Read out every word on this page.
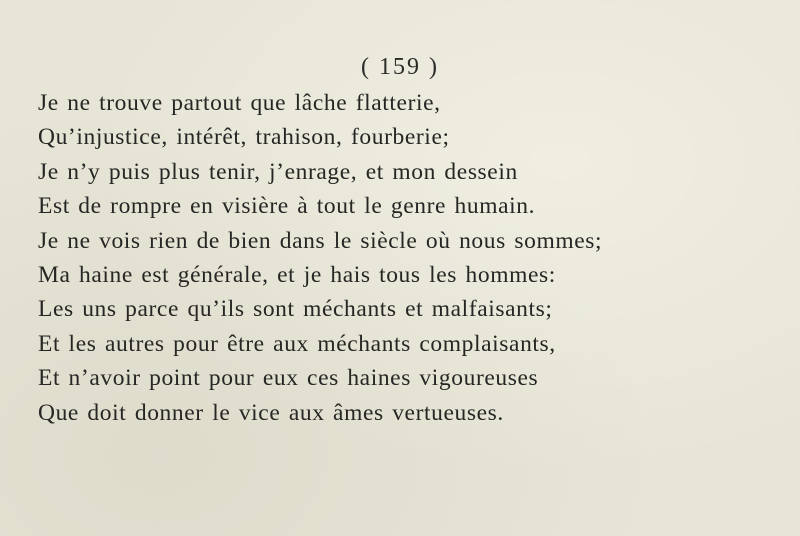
( 159 )
Je ne trouve partout que lâche flatterie,
Qu’injustice, intérêt, trahison, fourberie;
Je n’y puis plus tenir, j’enrage, et mon dessein
Est de rompre en visière à tout le genre humain.
Je ne vois rien de bien dans le siècle où nous sommes;
Ma haine est générale, et je hais tous les hommes:
Les uns parce qu’ils sont méchants et malfaisants;
Et les autres pour être aux méchants complaisants,
Et n’avoir point pour eux ces haines vigoureuses
Que doit donner le vice aux âmes vertueuses.
